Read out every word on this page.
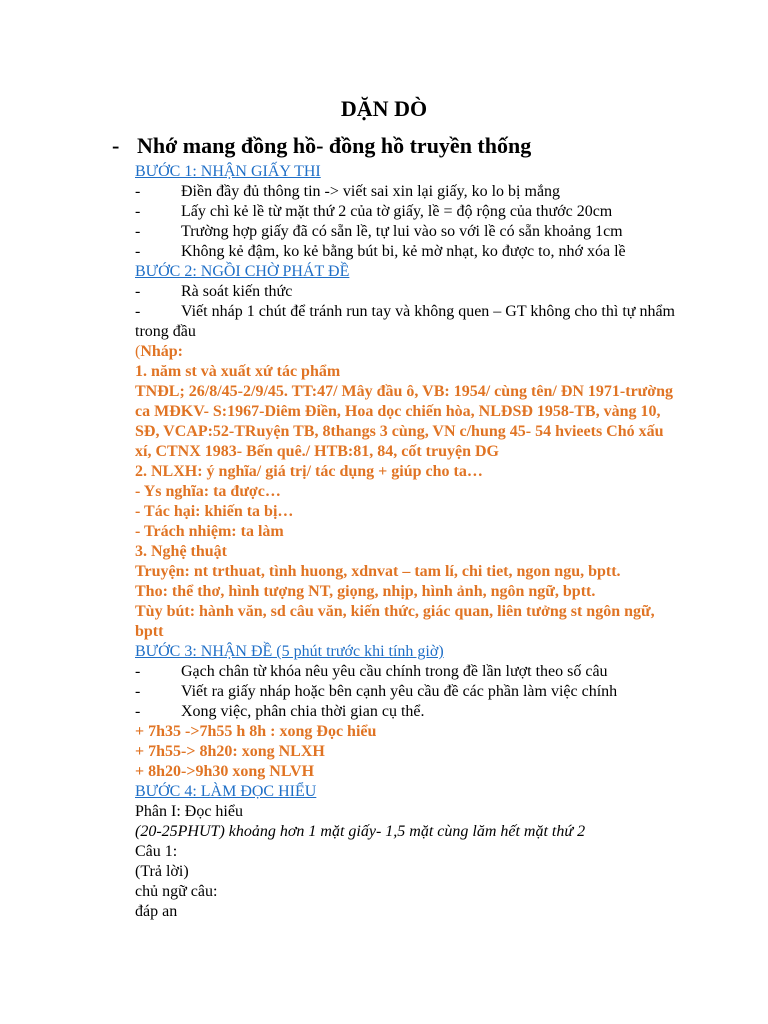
DẶN DÒ
- Nhớ mang đồng hồ- đồng hồ truyền thống
BƯỚC 1: NHẬN GIẤY THI
-	Điền đầy đủ thông tin -> viết sai xin lại giấy, ko lo bị mắng
-	Lấy chì kẻ lề từ mặt thứ 2 của tờ giấy, lề = độ rộng của thước 20cm
-	Trường hợp giấy đã có sẵn lề, tự lui vào so với lề có sẵn khoảng 1cm
-	Không kẻ đậm, ko kẻ bằng bút bi, kẻ mờ nhạt, ko được to, nhớ xóa lề
BƯỚC 2: NGỒI CHỜ PHÁT ĐỀ
-	Rà soát kiến thức
-	Viết nháp 1 chút để tránh run tay và không quen – GT không cho thì tự nhẩm trong đầu
(Nháp:
1. năm st và xuất xứ tác phẩm
TNĐL; 26/8/45-2/9/45. TT:47/ Mây đầu ô, VB: 1954/ cùng tên/ ĐN 1971-trường ca MĐKV- S:1967-Diêm Điền, Hoa dọc chiến hòa, NLĐSĐ 1958-TB, vàng 10, SĐ, VCAP:52-TRuyện TB, 8thangs 3 cùng, VN c/hung 45- 54 hvieets Chó xấu xí, CTNX 1983- Bến quê./ HTB:81, 84, cốt truyện DG
2. NLXH: ý nghĩa/ giá trị/ tác dụng + giúp cho ta…
- Ys nghĩa: ta được…
- Tác hại: khiến ta bị…
- Trách nhiệm: ta làm
3. Nghệ thuật
Truyện: nt trthuat, tình huong, xdnvat – tam lí, chi tiet, ngon ngu, bptt.
Tho: thể thơ, hình tượng NT, giọng, nhịp, hình ảnh, ngôn ngữ, bptt.
Tùy bút: hành văn, sd câu văn, kiến thức, giác quan, liên tưởng st ngôn ngữ, bptt
BƯỚC 3: NHẬN ĐỀ (5 phút trước khi tính giờ)
-	Gạch chân từ khóa nêu yêu cầu chính trong đề lần lượt theo số câu
-	Viết ra giấy nháp hoặc bên cạnh yêu cầu đề các phần làm việc chính
-	Xong việc, phân chia thời gian cụ thể.
+ 7h35 ->7h55 h 8h : xong Đọc hiểu
+ 7h55-> 8h20: xong NLXH
+ 8h20->9h30 xong NLVH
BƯỚC 4: LÀM ĐỌC HIỂU
Phân I: Đọc hiểu
(20-25PHUT) khoảng hơn 1 mặt giấy- 1,5 mặt cùng lăm hết mặt thứ 2
Câu 1:
(Trả lời)
chủ ngữ câu:
đáp an
